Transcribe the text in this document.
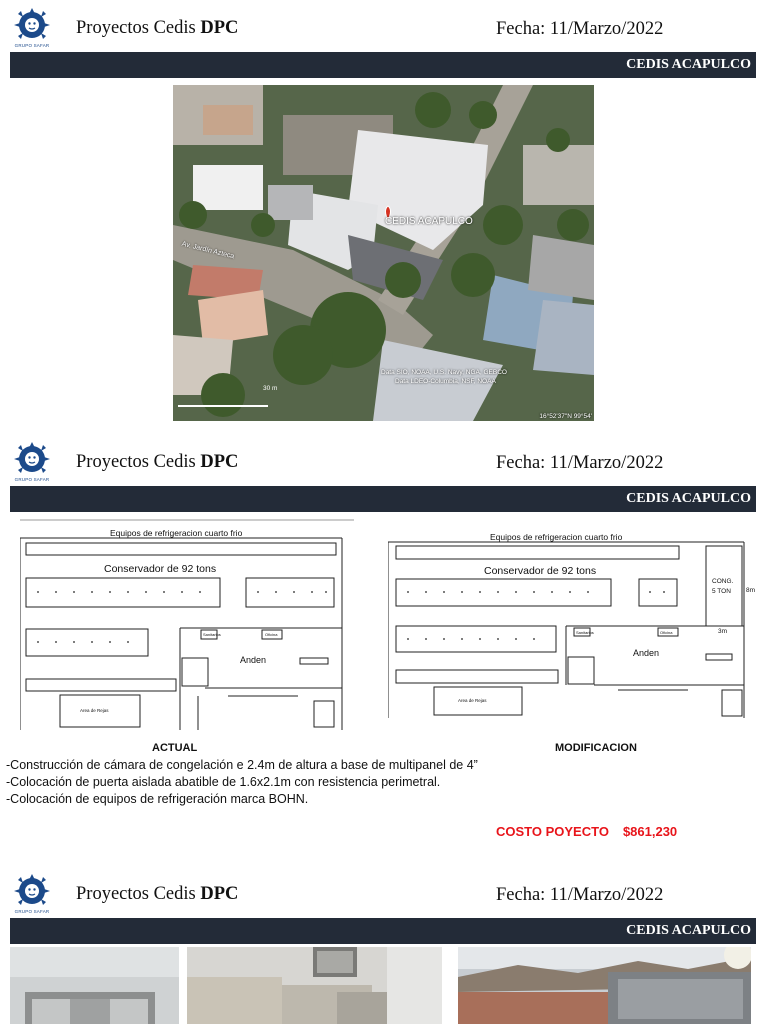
GRUPO SAFAR
Proyectos Cedis DPC	Fecha: 11/Marzo/2022
CEDIS ACAPULCO
CEDIS ACAPULCO
Av. Jardín Azteca
Data SIO, NOAA, U.S. Navy, NGA, GEBCO
Data LDEO-Columbia, NSF, NOAA
30 m
16°52'37"N 99°54'
GRUPO SAFAR
Proyectos Cedis DPC	Fecha: 11/Marzo/2022
CEDIS ACAPULCO
Equipos de refrigeracion cuarto frio
Conservador de 92 tons
Anden
Oficina
Sanitarios
Area de Rejas
ACTUAL
Equipos de refrigeracion cuarto frio
Conservador de 92 tons
CONG.
5 TON 8m
3m
Anden
Oficina
Sanitarios
Area de Rejas
MODIFICACION
-Construcción de cámara de congelación e 2.4m de altura a base de multipanel de 4”
-Colocación de puerta aislada abatible de 1.6x2.1m con resistencia perimetral.
-Colocación de equipos de refrigeración marca BOHN.
COSTO POYECTO $861,230
GRUPO SAFAR
Proyectos Cedis DPC	Fecha: 11/Marzo/2022
CEDIS ACAPULCO
